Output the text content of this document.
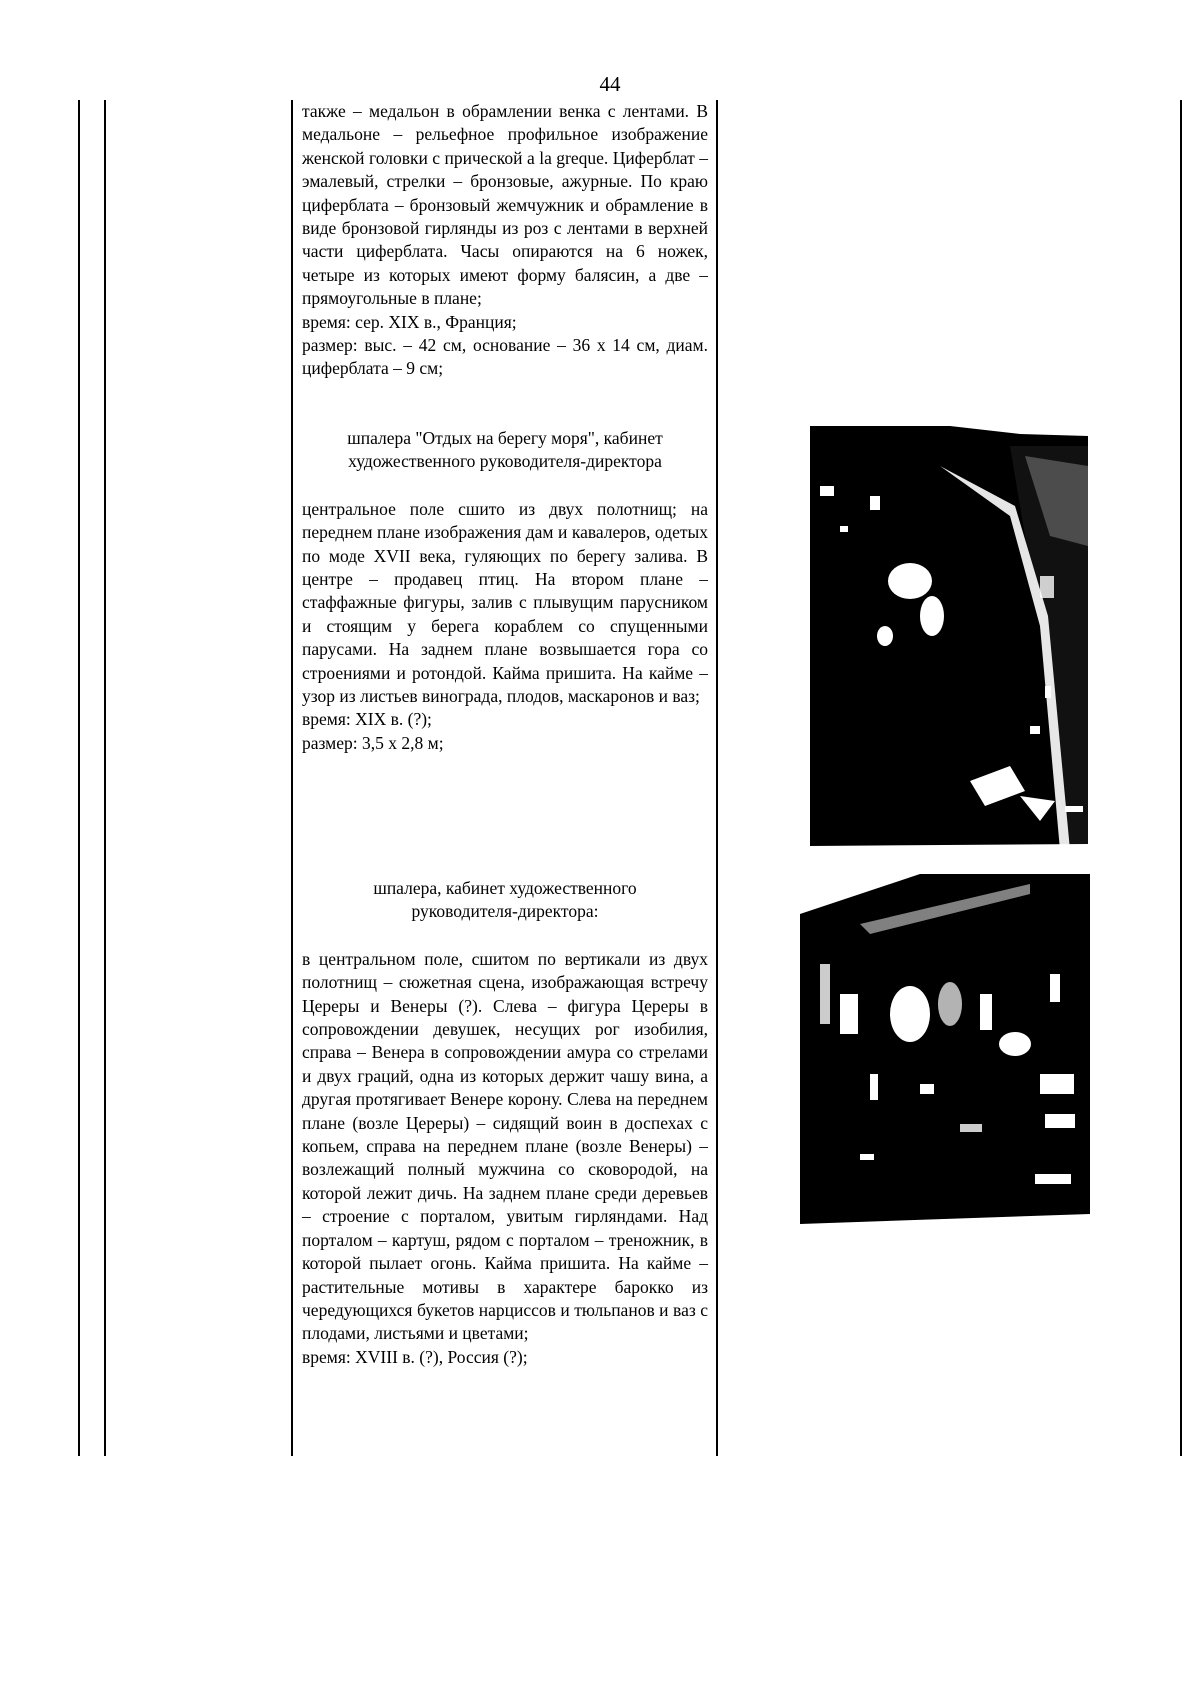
44

также – медальон в обрамлении венка с лентами. В медальоне – рельефное профильное изображение женской головки с прической a la greque. Циферблат – эмалевый, стрелки – бронзовые, ажурные. По краю циферблата – бронзовый жемчужник и обрамление в виде бронзовой гирлянды из роз с лентами в верхней части циферблата. Часы опираются на 6 ножек, четыре из которых имеют форму балясин, а две – прямоугольные в плане;

время: сер. XIX в., Франция;

размер: выс. – 42 см, основание – 36 x 14 см, диам. циферблата – 9 см;

шпалера "Отдых на берегу моря", кабинет художественного руководителя-директора

центральное поле сшито из двух полотнищ; на переднем плане изображения дам и кавалеров, одетых по моде XVII века, гуляющих по берегу залива. В центре – продавец птиц. На втором плане – стаффажные фигуры, залив с плывущим парусником и стоящим у берега кораблем со спущенными парусами. На заднем плане возвышается гора со строениями и ротондой. Кайма пришита. На кайме – узор из листьев винограда, плодов, маскаронов и ваз;

время: XIX в. (?);

размер: 3,5 x 2,8 м;

шпалера, кабинет художественного руководителя-директора:

в центральном поле, сшитом по вертикали из двух полотнищ – сюжетная сцена, изображающая встречу Цереры и Венеры (?). Слева – фигура Цереры в сопровождении девушек, несущих рог изобилия, справа – Венера в сопровождении амура со стрелами и двух граций, одна из которых держит чашу вина, а другая протягивает Венере корону. Слева на переднем плане (возле Цереры) – сидящий воин в доспехах с копьем, справа на переднем плане (возле Венеры) – возлежащий полный мужчина со сковородой, на которой лежит дичь. На заднем плане среди деревьев – строение с порталом, увитым гирляндами. Над порталом – картуш, рядом с порталом – треножник, в которой пылает огонь. Кайма пришита. На кайме – растительные мотивы в характере барокко из чередующихся букетов нарциссов и тюльпанов и ваз с плодами, листьями и цветами;

время: XVIII в. (?), Россия (?);
